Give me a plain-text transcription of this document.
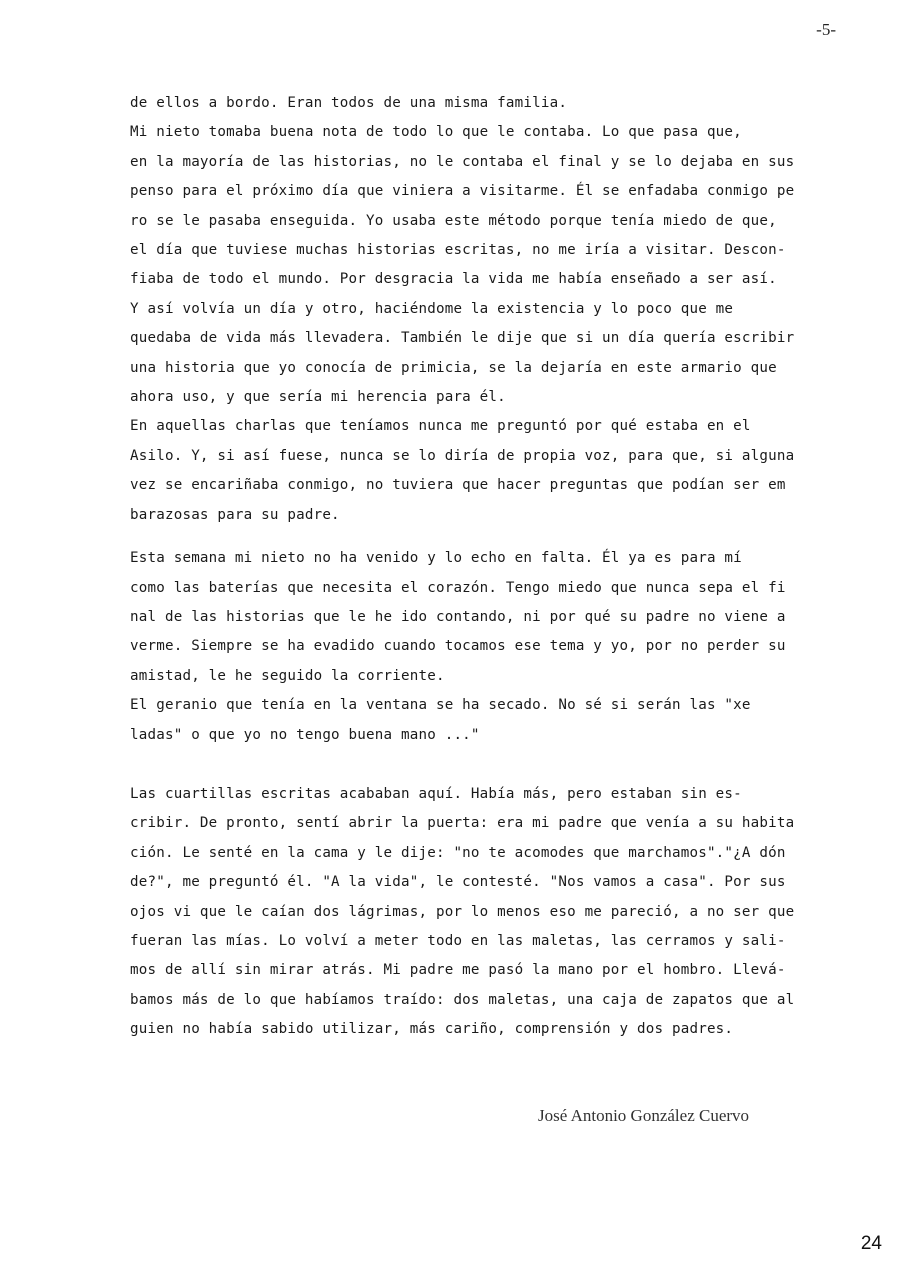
-5-
de ellos a bordo. Eran todos de una misma familia.
Mi nieto tomaba buena nota de todo lo que le contaba. Lo que pasa que,
en la mayoría de las historias, no le contaba el final y se lo dejaba en sus
penso para el próximo día que viniera a visitarme. Él se enfadaba conmigo pe
ro se le pasaba enseguida. Yo usaba este método porque tenía miedo de que,
el día que tuviese muchas historias escritas, no me iría a visitar. Descon-
fiaba de todo el mundo. Por desgracia la vida me había enseñado a ser así.
Y así volvía un día y otro, haciéndome la existencia y lo poco que me
quedaba de vida más llevadera. También le dije que si un día quería escribir
una historia que yo conocía de primicia, se la dejaría en este armario que
ahora uso, y que sería mi herencia para él.
En aquellas charlas que teníamos nunca me preguntó por qué estaba en el
Asilo. Y, si así fuese, nunca se lo diría de propia voz, para que, si alguna
vez se encariñaba conmigo, no tuviera que hacer preguntas que podían ser em
barazosas para su padre.
Esta semana mi nieto no ha venido y lo echo en falta. Él ya es para mí
como las baterías que necesita el corazón. Tengo miedo que nunca sepa el fi
nal de las historias que le he ido contando, ni por qué su padre no viene a
verme. Siempre se ha evadido cuando tocamos ese tema y yo, por no perder su
amistad, le he seguido la corriente.
El geranio que tenía en la ventana se ha secado. No sé si serán las "xe
ladas" o que yo no tengo buena mano ..."
Las cuartillas escritas acababan aquí. Había más, pero estaban sin es-
cribir. De pronto, sentí abrir la puerta: era mi padre que venía a su habita
ción. Le senté en la cama y le dije: "no te acomodes que marchamos"."¿A dón
de?", me preguntó él. "A la vida", le contesté. "Nos vamos a casa". Por sus
ojos vi que le caían dos lágrimas, por lo menos eso me pareció, a no ser que
fueran las mías. Lo volví a meter todo en las maletas, las cerramos y sali-
mos de allí sin mirar atrás. Mi padre me pasó la mano por el hombro. Llevá-
bamos más de lo que habíamos traído: dos maletas, una caja de zapatos que al
guien no había sabido utilizar, más cariño, comprensión y dos padres.
José Antonio González Cuervo
24
